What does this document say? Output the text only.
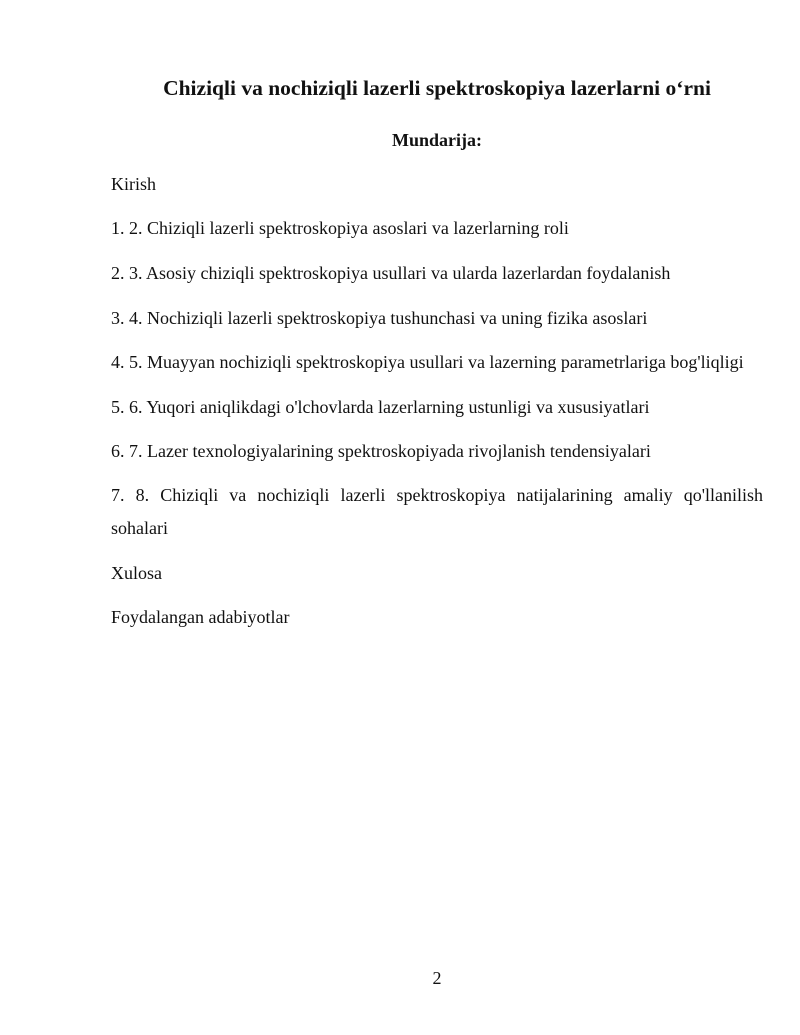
Chiziqli va nochiziqli lazerli spektroskopiya lazerlarni o‘rni
Mundarija:
Kirish
1. 2. Chiziqli lazerli spektroskopiya asoslari va lazerlarning roli
2. 3. Asosiy chiziqli spektroskopiya usullari va ularda lazerlardan foydalanish
3. 4. Nochiziqli lazerli spektroskopiya tushunchasi va uning fizika asoslari
4. 5. Muayyan nochiziqli spektroskopiya usullari va lazerning parametrlariga bog'liqligi
5. 6. Yuqori aniqlikdagi o'lchovlarda lazerlarning ustunligi va xususiyatlari
6. 7. Lazer texnologiyalarining spektroskopiyada rivojlanish tendensiyalari
7. 8. Chiziqli va nochiziqli lazerli spektroskopiya natijalarining amaliy qo'llanilish sohalari
Xulosa
Foydalangan adabiyotlar
2
